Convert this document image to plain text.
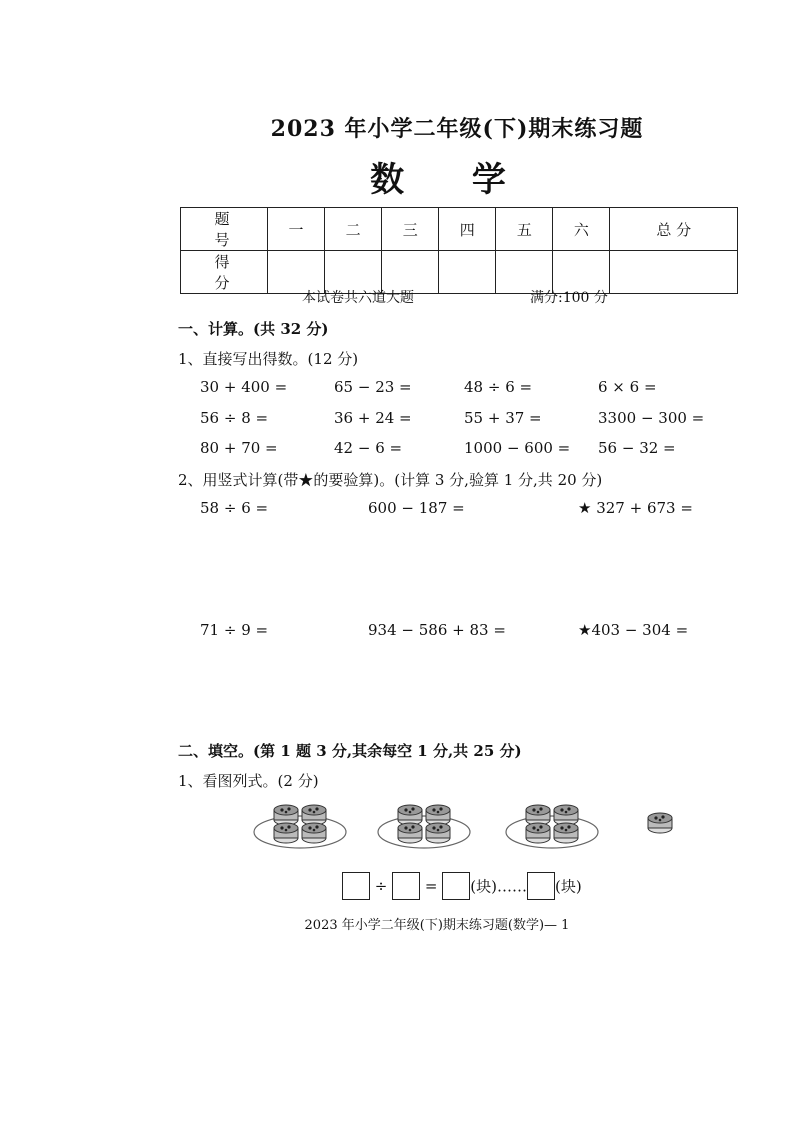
2023 年小学二年级(下)期末练习题
数 学
题 号	一	二	三	四	五	六	总 分
得 分							
本试卷共六道大题	满分:100 分
一、计算。(共 32 分)
1、直接写出得数。(12 分)
30 + 400 =	65 − 23 =	48 ÷ 6 =	6 × 6 =
56 ÷ 8 =	36 + 24 =	55 + 37 =	3300 − 300 =
80 + 70 =	42 − 6 =	1000 − 600 = 56 − 32 =
2、用竖式计算(带★的要验算)。(计算 3 分,验算 1 分,共 20 分)
58 ÷ 6 =	600 − 187 =	★ 327 + 673 =
71 ÷ 9 =	934 − 586 + 83 =	★403 − 304 =
二、填空。(第 1 题 3 分,其余每空 1 分,共 25 分)
1、看图列式。(2 分)
÷	= (块)…… (块)
2023 年小学二年级(下)期末练习题(数学)— 1
